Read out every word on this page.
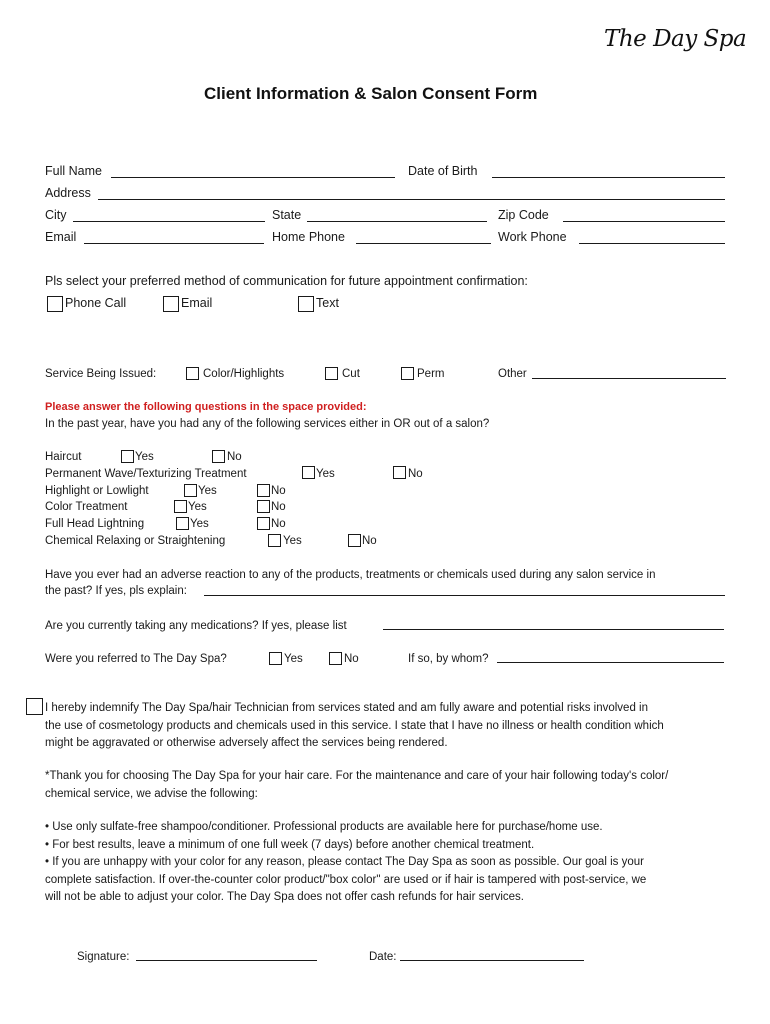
The Day Spa
Client Information & Salon Consent Form
Full Name	Date of Birth
Address
City	State	Zip Code
Email	Home Phone	Work Phone
Pls select your preferred method of communication for future appointment confirmation:
Phone Call	Email	Text
Service Being Issued:	Color/Highlights	Cut	Perm	Other
Please answer the following questions in the space provided:
In the past year, have you had any of the following services either in OR out of a salon?
Haircut	Yes	No
Permanent Wave/Texturizing Treatment	Yes	No
Highlight or Lowlight	Yes	No
Color Treatment	Yes	No
Full Head Lightning	Yes	No
Chemical Relaxing or Straightening	Yes	No
Have you ever had an adverse reaction to any of the products, treatments or chemicals used during any salon service in
the past? If yes, pls explain:
Are you currently taking any medications? If yes, please list
Were you referred to The Day Spa?	Yes	No	If so, by whom?
I hereby indemnify The Day Spa/hair Technician from services stated and am fully aware and potential risks involved in
the use of cosmetology products and chemicals used in this service. I state that I have no illness or health condition which
might be aggravated or otherwise adversely affect the services being rendered.
*Thank you for choosing The Day Spa for your hair care. For the maintenance and care of your hair following today's color/
chemical service, we advise the following:
• Use only sulfate-free shampoo/conditioner. Professional products are available here for purchase/home use.
• For best results, leave a minimum of one full week (7 days) before another chemical treatment.
• If you are unhappy with your color for any reason, please contact The Day Spa as soon as possible. Our goal is your
complete satisfaction. If over-the-counter color product/"box color" are used or if hair is tampered with post-service, we
will not be able to adjust your color. The Day Spa does not offer cash refunds for hair services.
Signature:	Date:
